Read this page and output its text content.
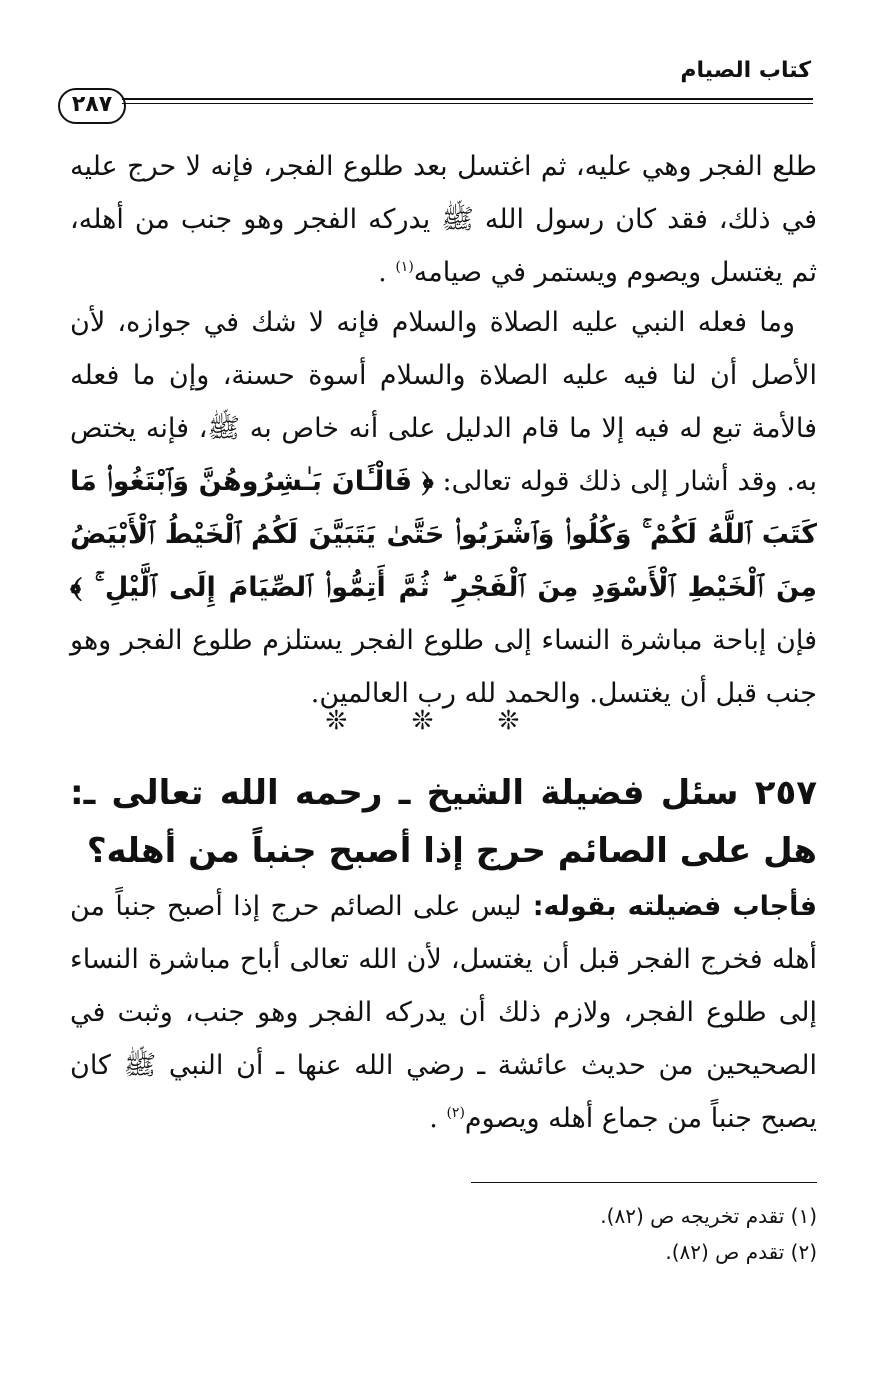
كتاب الصيام
٢٨٧
طلع الفجر وهي عليه، ثم اغتسل بعد طلوع الفجر، فإنه لا حرج عليه في ذلك، فقد كان رسول الله ﷺ يدركه الفجر وهو جنب من أهله، ثم يغتسل ويصوم ويستمر في صيامه$^{(١)}$ .
وما فعله النبي عليه الصلاة والسلام فإنه لا شك في جوازه، لأن الأصل أن لنا فيه عليه الصلاة والسلام أسوة حسنة، وإن ما فعله فالأمة تبع له فيه إلا ما قام الدليل على أنه خاص به ﷺ، فإنه يختص به. وقد أشار إلى ذلك قوله تعالى: ﴿ فَالْـَٔانَ بَـٰشِرُوهُنَّ وَٱبْتَغُوا۟ مَا كَتَبَ ٱللَّهُ لَكُمْ ۚ وَكُلُوا۟ وَٱشْرَبُوا۟ حَتَّىٰ يَتَبَيَّنَ لَكُمُ ٱلْخَيْطُ ٱلْأَبْيَضُ مِنَ ٱلْخَيْطِ ٱلْأَسْوَدِ مِنَ ٱلْفَجْرِ ۖ ثُمَّ أَتِمُّوا۟ ٱلصِّيَامَ إِلَى ٱلَّيْلِ ۚ ﴾ فإن إباحة مباشرة النساء إلى طلوع الفجر يستلزم طلوع الفجر وهو جنب قبل أن يغتسل. والحمد لله رب العالمين.
❊ ❊ ❊
٢٥٧ سئل فضيلة الشيخ ـ رحمه الله تعالى ـ: هل على الصائم حرج إذا أصبح جنباً من أهله؟
فأجاب فضيلته بقوله: ليس على الصائم حرج إذا أصبح جنباً من أهله فخرج الفجر قبل أن يغتسل، لأن الله تعالى أباح مباشرة النساء إلى طلوع الفجر، ولازم ذلك أن يدركه الفجر وهو جنب، وثبت في الصحيحين من حديث عائشة ـ رضي الله عنها ـ أن النبي ﷺ كان يصبح جنباً من جماع أهله ويصوم$^{(٢)}$ .
(١) تقدم تخريجه ص (٨٢).
(٢) تقدم ص (٨٢).
